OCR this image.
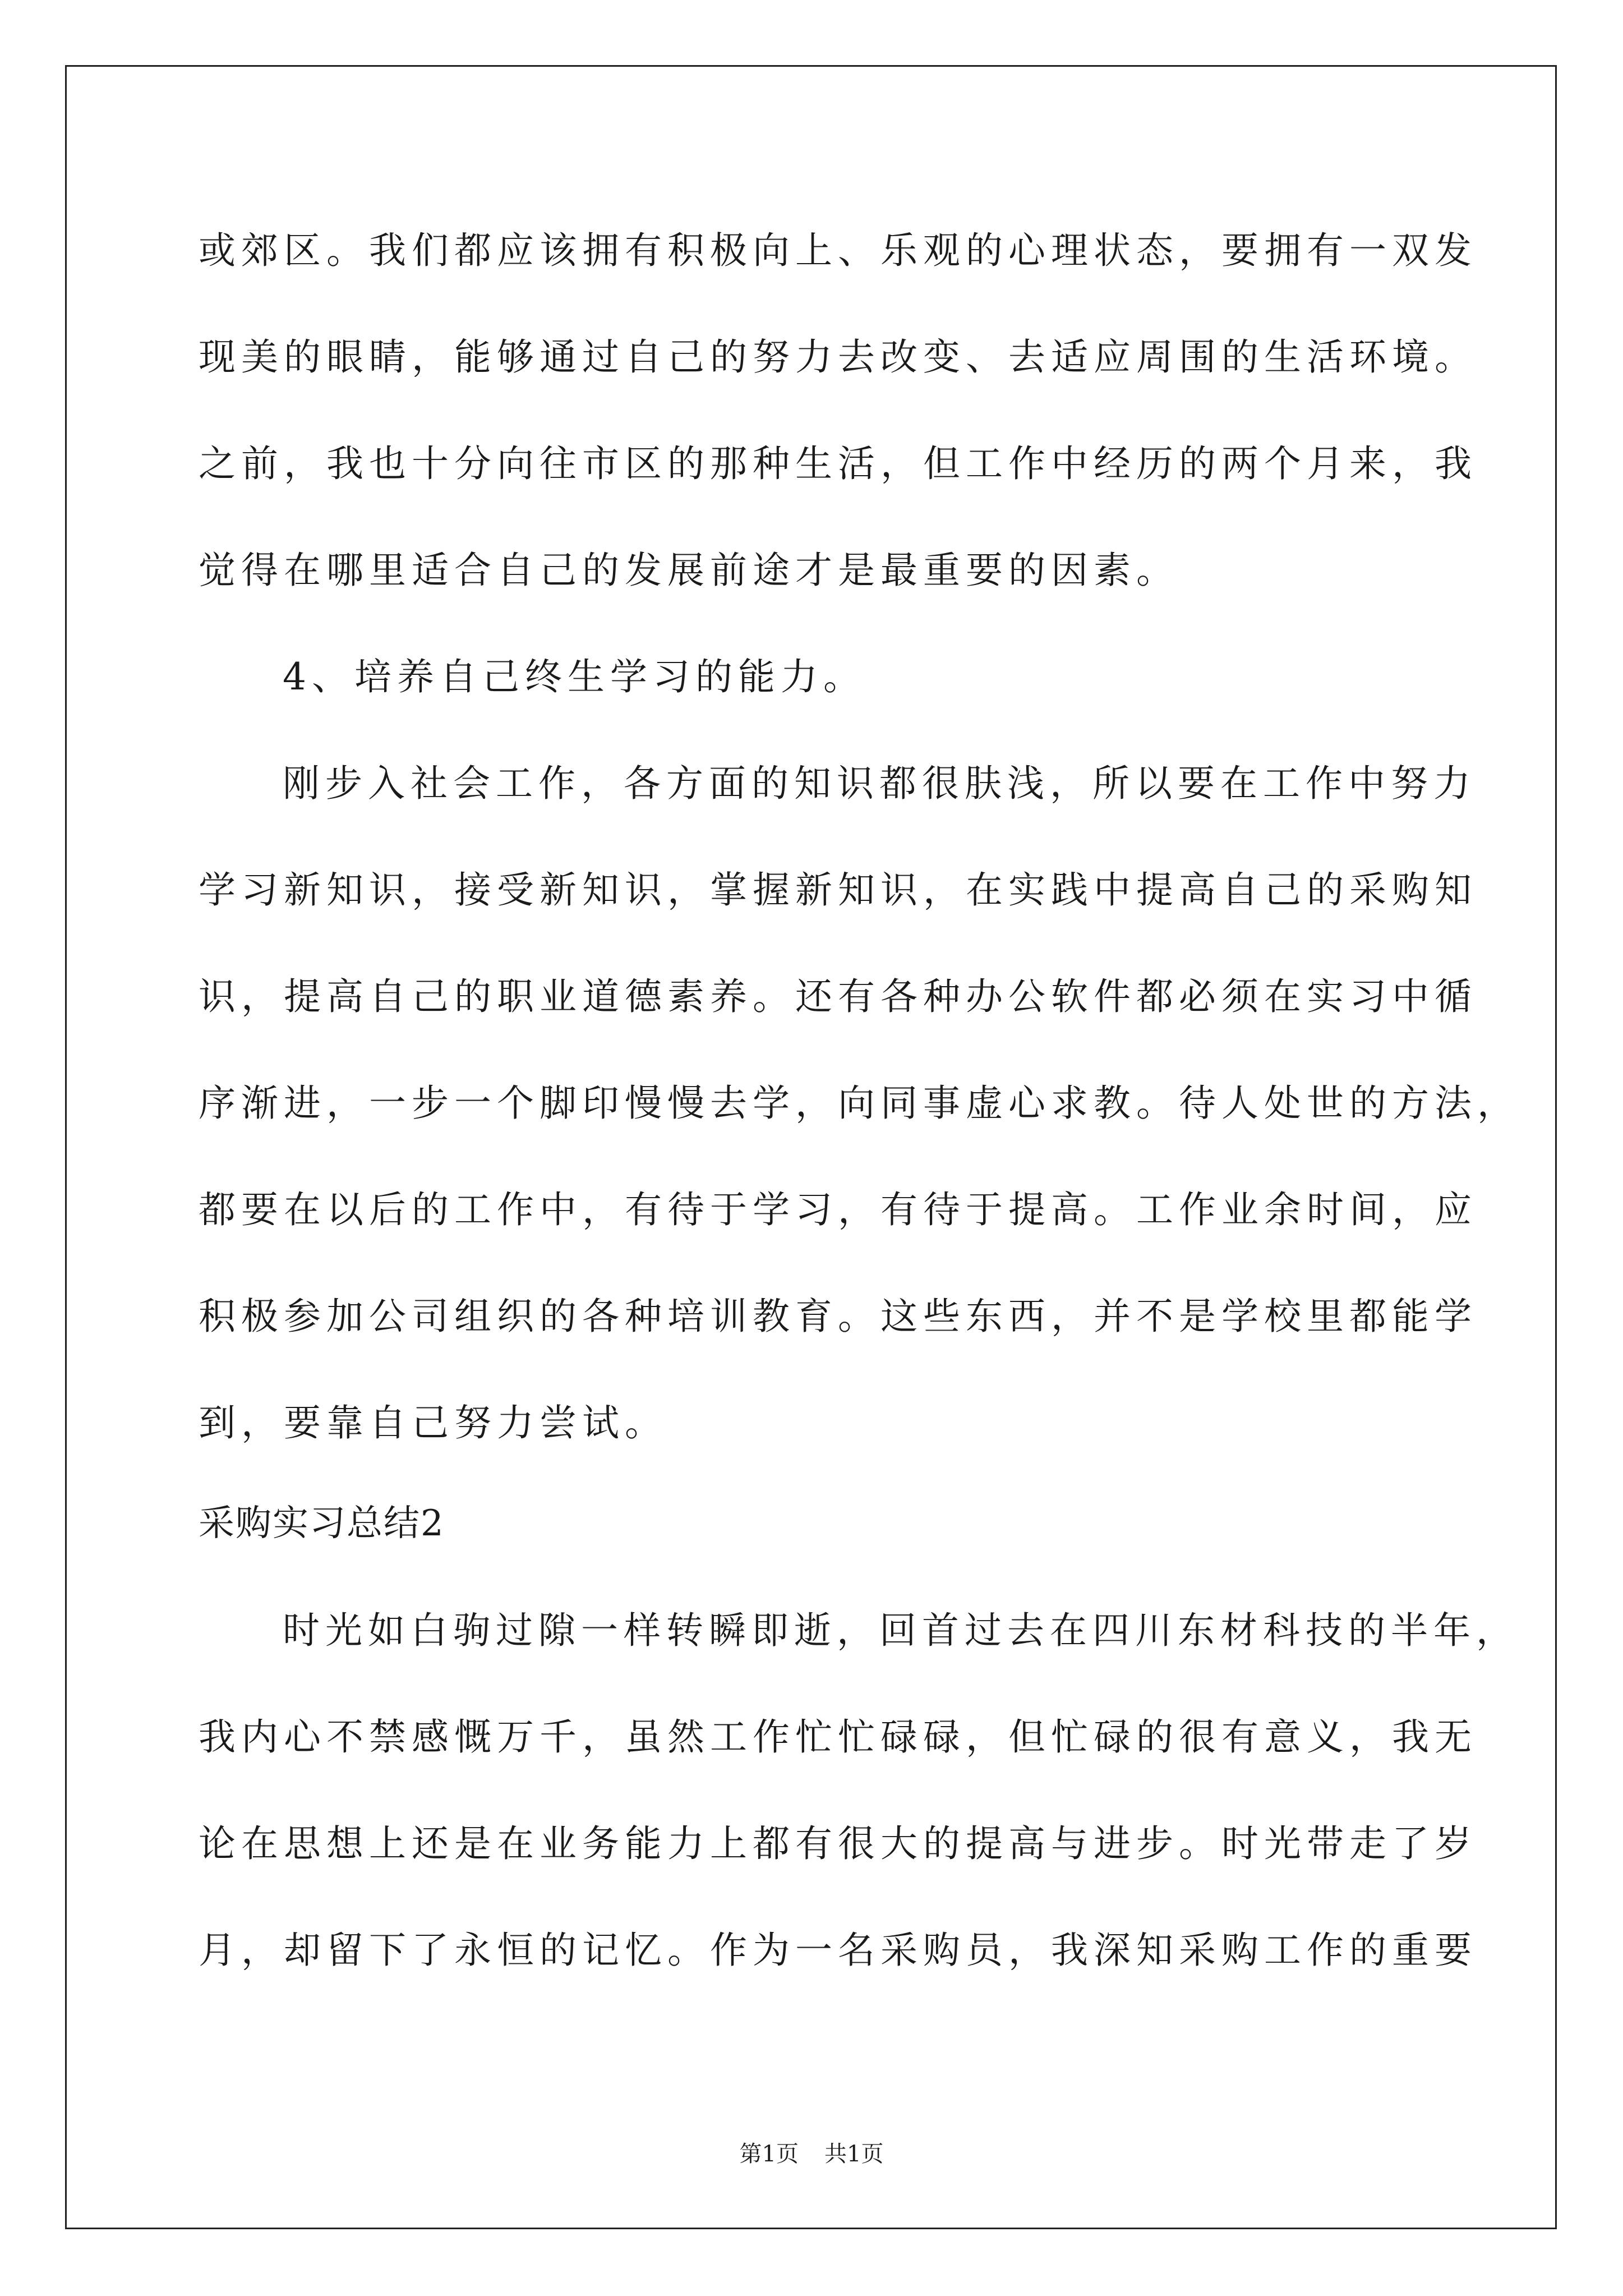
或郊区。我们都应该拥有积极向上、乐观的心理状态，要拥有一双发
现美的眼睛，能够通过自己的努力去改变、去适应周围的生活环境。
之前，我也十分向往市区的那种生活，但工作中经历的两个月来，我
觉得在哪里适合自己的发展前途才是最重要的因素。
4、培养自己终生学习的能力。
刚步入社会工作，各方面的知识都很肤浅，所以要在工作中努力
学习新知识，接受新知识，掌握新知识，在实践中提高自己的采购知
识，提高自己的职业道德素养。还有各种办公软件都必须在实习中循
序渐进，一步一个脚印慢慢去学，向同事虚心求教。待人处世的方法，
都要在以后的工作中，有待于学习，有待于提高。工作业余时间，应
积极参加公司组织的各种培训教育。这些东西，并不是学校里都能学
到，要靠自己努力尝试。
采购实习总结2
时光如白驹过隙一样转瞬即逝，回首过去在四川东材科技的半年，
我内心不禁感慨万千，虽然工作忙忙碌碌，但忙碌的很有意义，我无
论在思想上还是在业务能力上都有很大的提高与进步。时光带走了岁
月，却留下了永恒的记忆。作为一名采购员，我深知采购工作的重要
第1页 共1页
